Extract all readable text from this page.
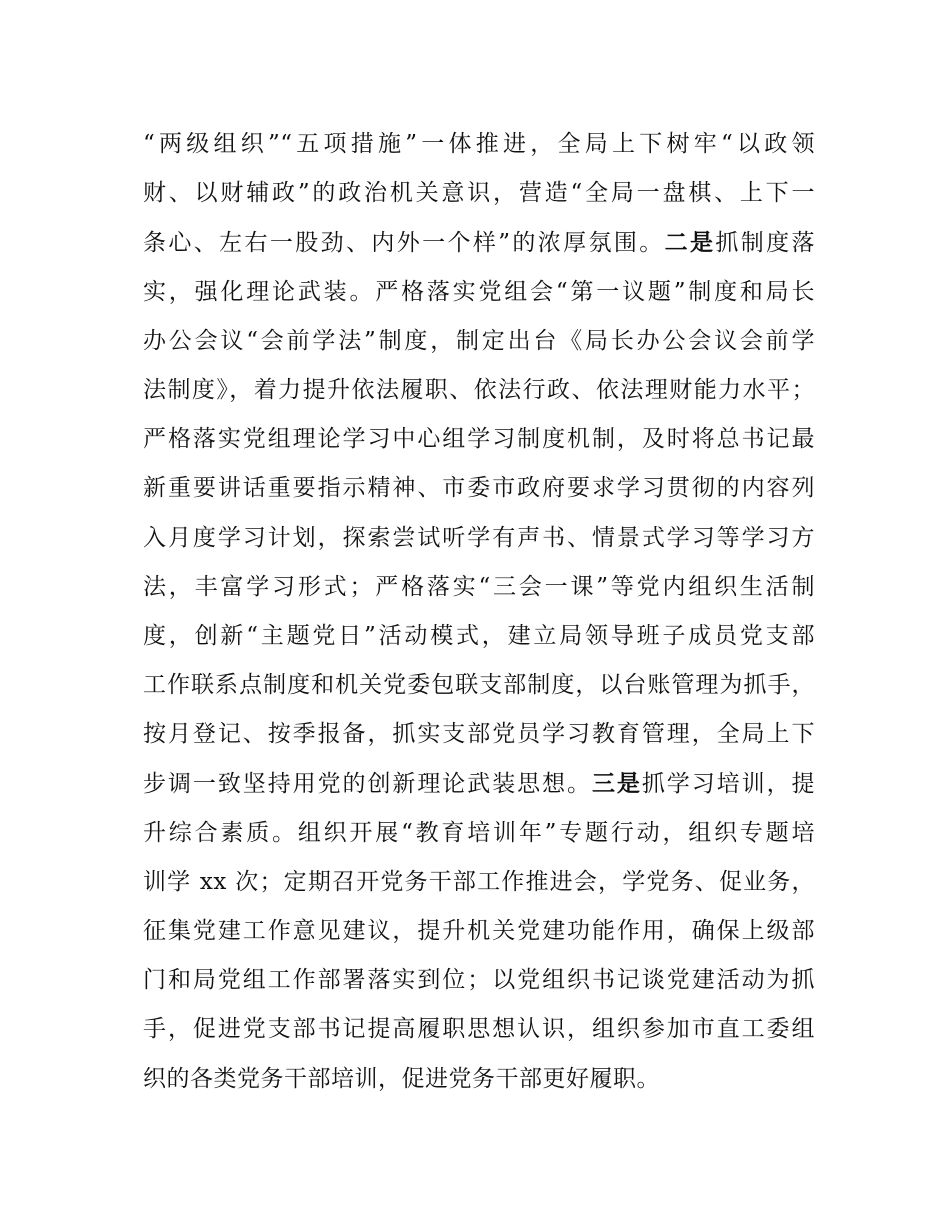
“两级组织”“五项措施”一体推进，全局上下树牢“以政领
财、以财辅政”的政治机关意识，营造“全局一盘棋、上下一
条心、左右一股劲、内外一个样”的浓厚氛围。二是抓制度落
实，强化理论武装。严格落实党组会“第一议题”制度和局长
办公会议“会前学法”制度，制定出台《局长办公会议会前学
法制度》，着力提升依法履职、依法行政、依法理财能力水平；
严格落实党组理论学习中心组学习制度机制，及时将总书记最
新重要讲话重要指示精神、市委市政府要求学习贯彻的内容列
入月度学习计划，探索尝试听学有声书、情景式学习等学习方
法，丰富学习形式；严格落实“三会一课”等党内组织生活制
度，创新“主题党日”活动模式，建立局领导班子成员党支部
工作联系点制度和机关党委包联支部制度，以台账管理为抓手，
按月登记、按季报备，抓实支部党员学习教育管理，全局上下
步调一致坚持用党的创新理论武装思想。三是抓学习培训，提
升综合素质。组织开展“教育培训年”专题行动，组织专题培
训学 xx 次；定期召开党务干部工作推进会，学党务、促业务，
征集党建工作意见建议，提升机关党建功能作用，确保上级部
门和局党组工作部署落实到位；以党组织书记谈党建活动为抓
手，促进党支部书记提高履职思想认识，组织参加市直工委组
织的各类党务干部培训，促进党务干部更好履职。
